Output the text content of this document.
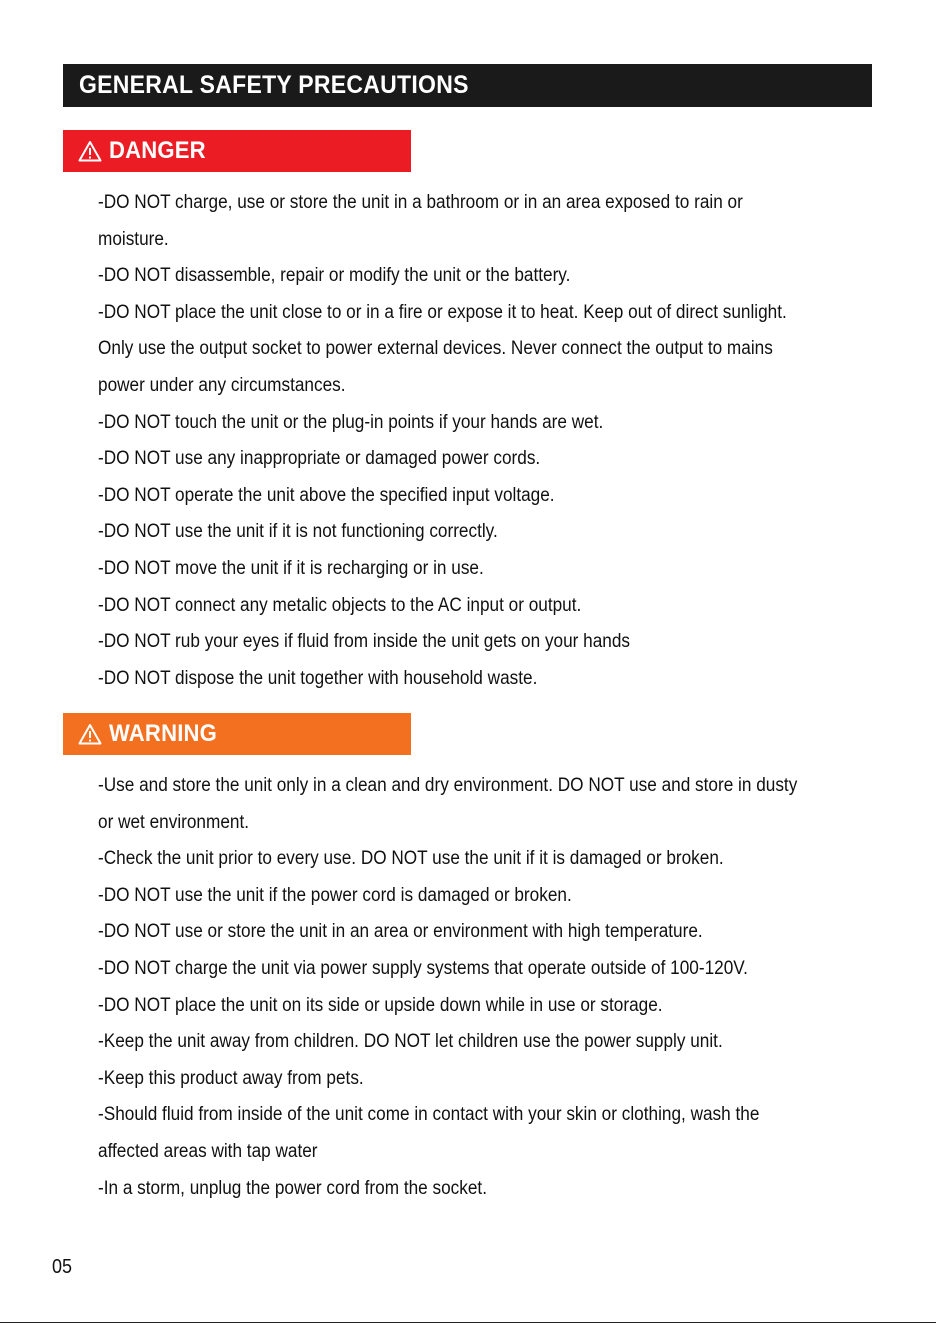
GENERAL SAFETY PRECAUTIONS
DANGER
-DO NOT charge, use or store the unit in a bathroom or in an area exposed to rain or
moisture.
-DO NOT disassemble, repair or modify the unit or the battery.
-DO NOT place the unit close to or in a fire or expose it to heat. Keep out of direct sunlight.
Only use the output socket to power external devices. Never connect the output to mains
power under any circumstances.
-DO NOT touch the unit or the plug-in points if your hands are wet.
-DO NOT use any inappropriate or damaged power cords.
-DO NOT operate the unit above the specified input voltage.
-DO NOT use the unit if it is not functioning correctly.
-DO NOT move the unit if it is recharging or in use.
-DO NOT connect any metalic objects to the AC input or output.
-DO NOT rub your eyes if fluid from inside the unit gets on your hands
-DO NOT dispose the unit together with household waste.
WARNING
-Use and store the unit only in a clean and dry environment. DO NOT use and store in dusty
or wet environment.
-Check the unit prior to every use. DO NOT use the unit if it is damaged or broken.
-DO NOT use the unit if the power cord is damaged or broken.
-DO NOT use or store the unit in an area or environment with high temperature.
-DO NOT charge the unit via power supply systems that operate outside of 100-120V.
-DO NOT place the unit on its side or upside down while in use or storage.
-Keep the unit away from children. DO NOT let children use the power supply unit.
-Keep this product away from pets.
-Should fluid from inside of the unit come in contact with your skin or clothing, wash the
affected areas with tap water
-In a storm, unplug the power cord from the socket.
05
